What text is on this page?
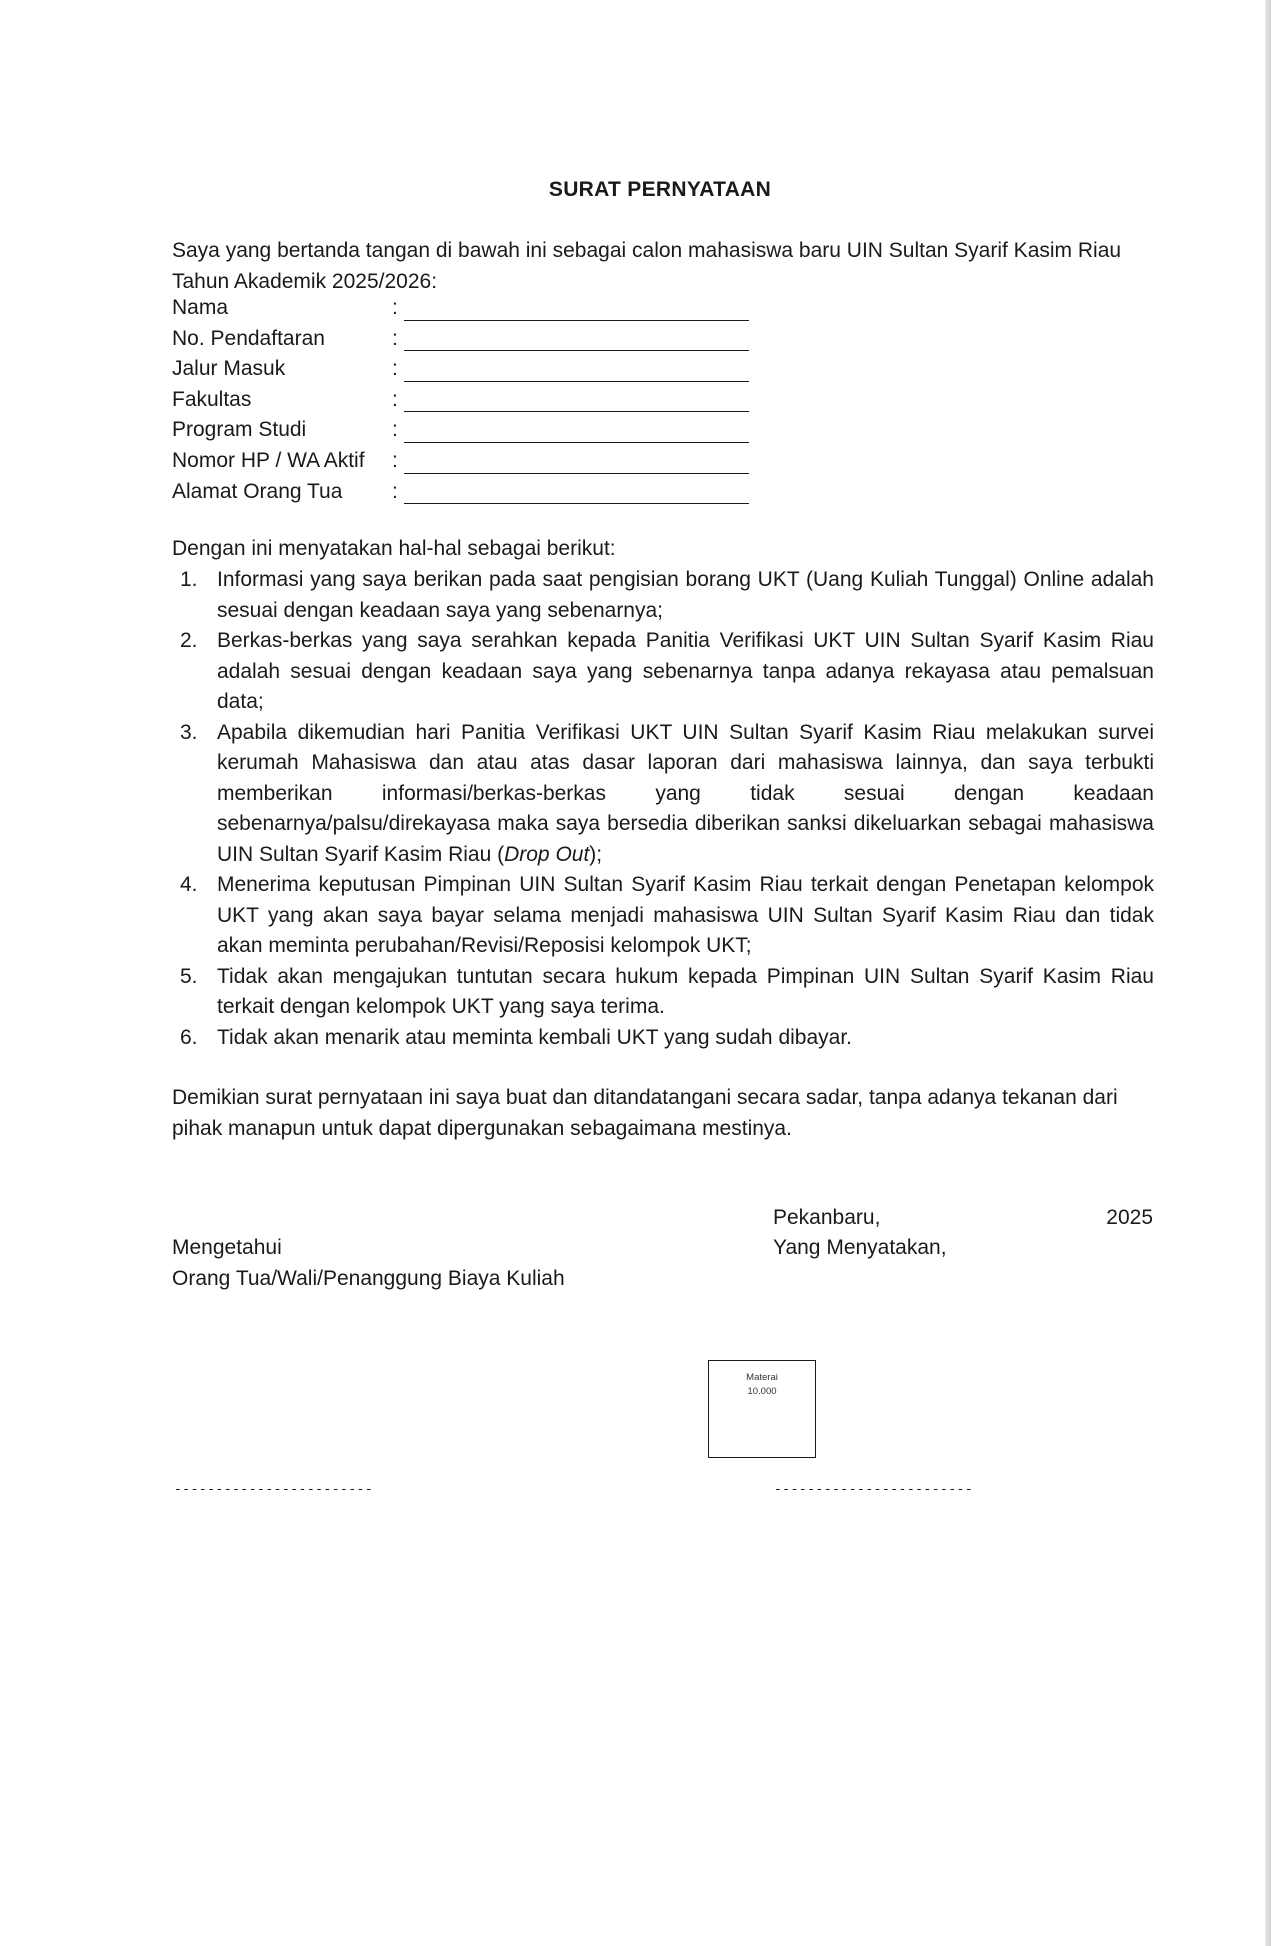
SURAT PERNYATAAN
Saya yang bertanda tangan di bawah ini sebagai calon mahasiswa baru UIN Sultan Syarif Kasim Riau Tahun Akademik 2025/2026:
Nama	:
No. Pendaftaran	:
Jalur Masuk	:
Fakultas	:
Program Studi	:
Nomor HP / WA Aktif	:
Alamat Orang Tua	:
Dengan ini menyatakan hal-hal sebagai berikut:
1. Informasi yang saya berikan pada saat pengisian borang UKT (Uang Kuliah Tunggal) Online adalah sesuai dengan keadaan saya yang sebenarnya;
2. Berkas-berkas yang saya serahkan kepada Panitia Verifikasi UKT UIN Sultan Syarif Kasim Riau adalah sesuai dengan keadaan saya yang sebenarnya tanpa adanya rekayasa atau pemalsuan data;
3. Apabila dikemudian hari Panitia Verifikasi UKT UIN Sultan Syarif Kasim Riau melakukan survei kerumah Mahasiswa dan atau atas dasar laporan dari mahasiswa lainnya, dan saya terbukti memberikan informasi/berkas-berkas yang tidak sesuai dengan keadaan sebenarnya/palsu/direkayasa maka saya bersedia diberikan sanksi dikeluarkan sebagai mahasiswa UIN Sultan Syarif Kasim Riau (Drop Out);
4. Menerima keputusan Pimpinan UIN Sultan Syarif Kasim Riau terkait dengan Penetapan kelompok UKT yang akan saya bayar selama menjadi mahasiswa UIN Sultan Syarif Kasim Riau dan tidak akan meminta perubahan/Revisi/Reposisi kelompok UKT;
5. Tidak akan mengajukan tuntutan secara hukum kepada Pimpinan UIN Sultan Syarif Kasim Riau terkait dengan kelompok UKT yang saya terima.
6. Tidak akan menarik atau meminta kembali UKT yang sudah dibayar.
Demikian surat pernyataan ini saya buat dan ditandatangani secara sadar, tanpa adanya tekanan dari pihak manapun untuk dapat dipergunakan sebagaimana mestinya.
Pekanbaru,	2025
Mengetahui
Orang Tua/Wali/Penanggung Biaya Kuliah
Yang Menyatakan,
Materai
10.000
------------------------	------------------------
